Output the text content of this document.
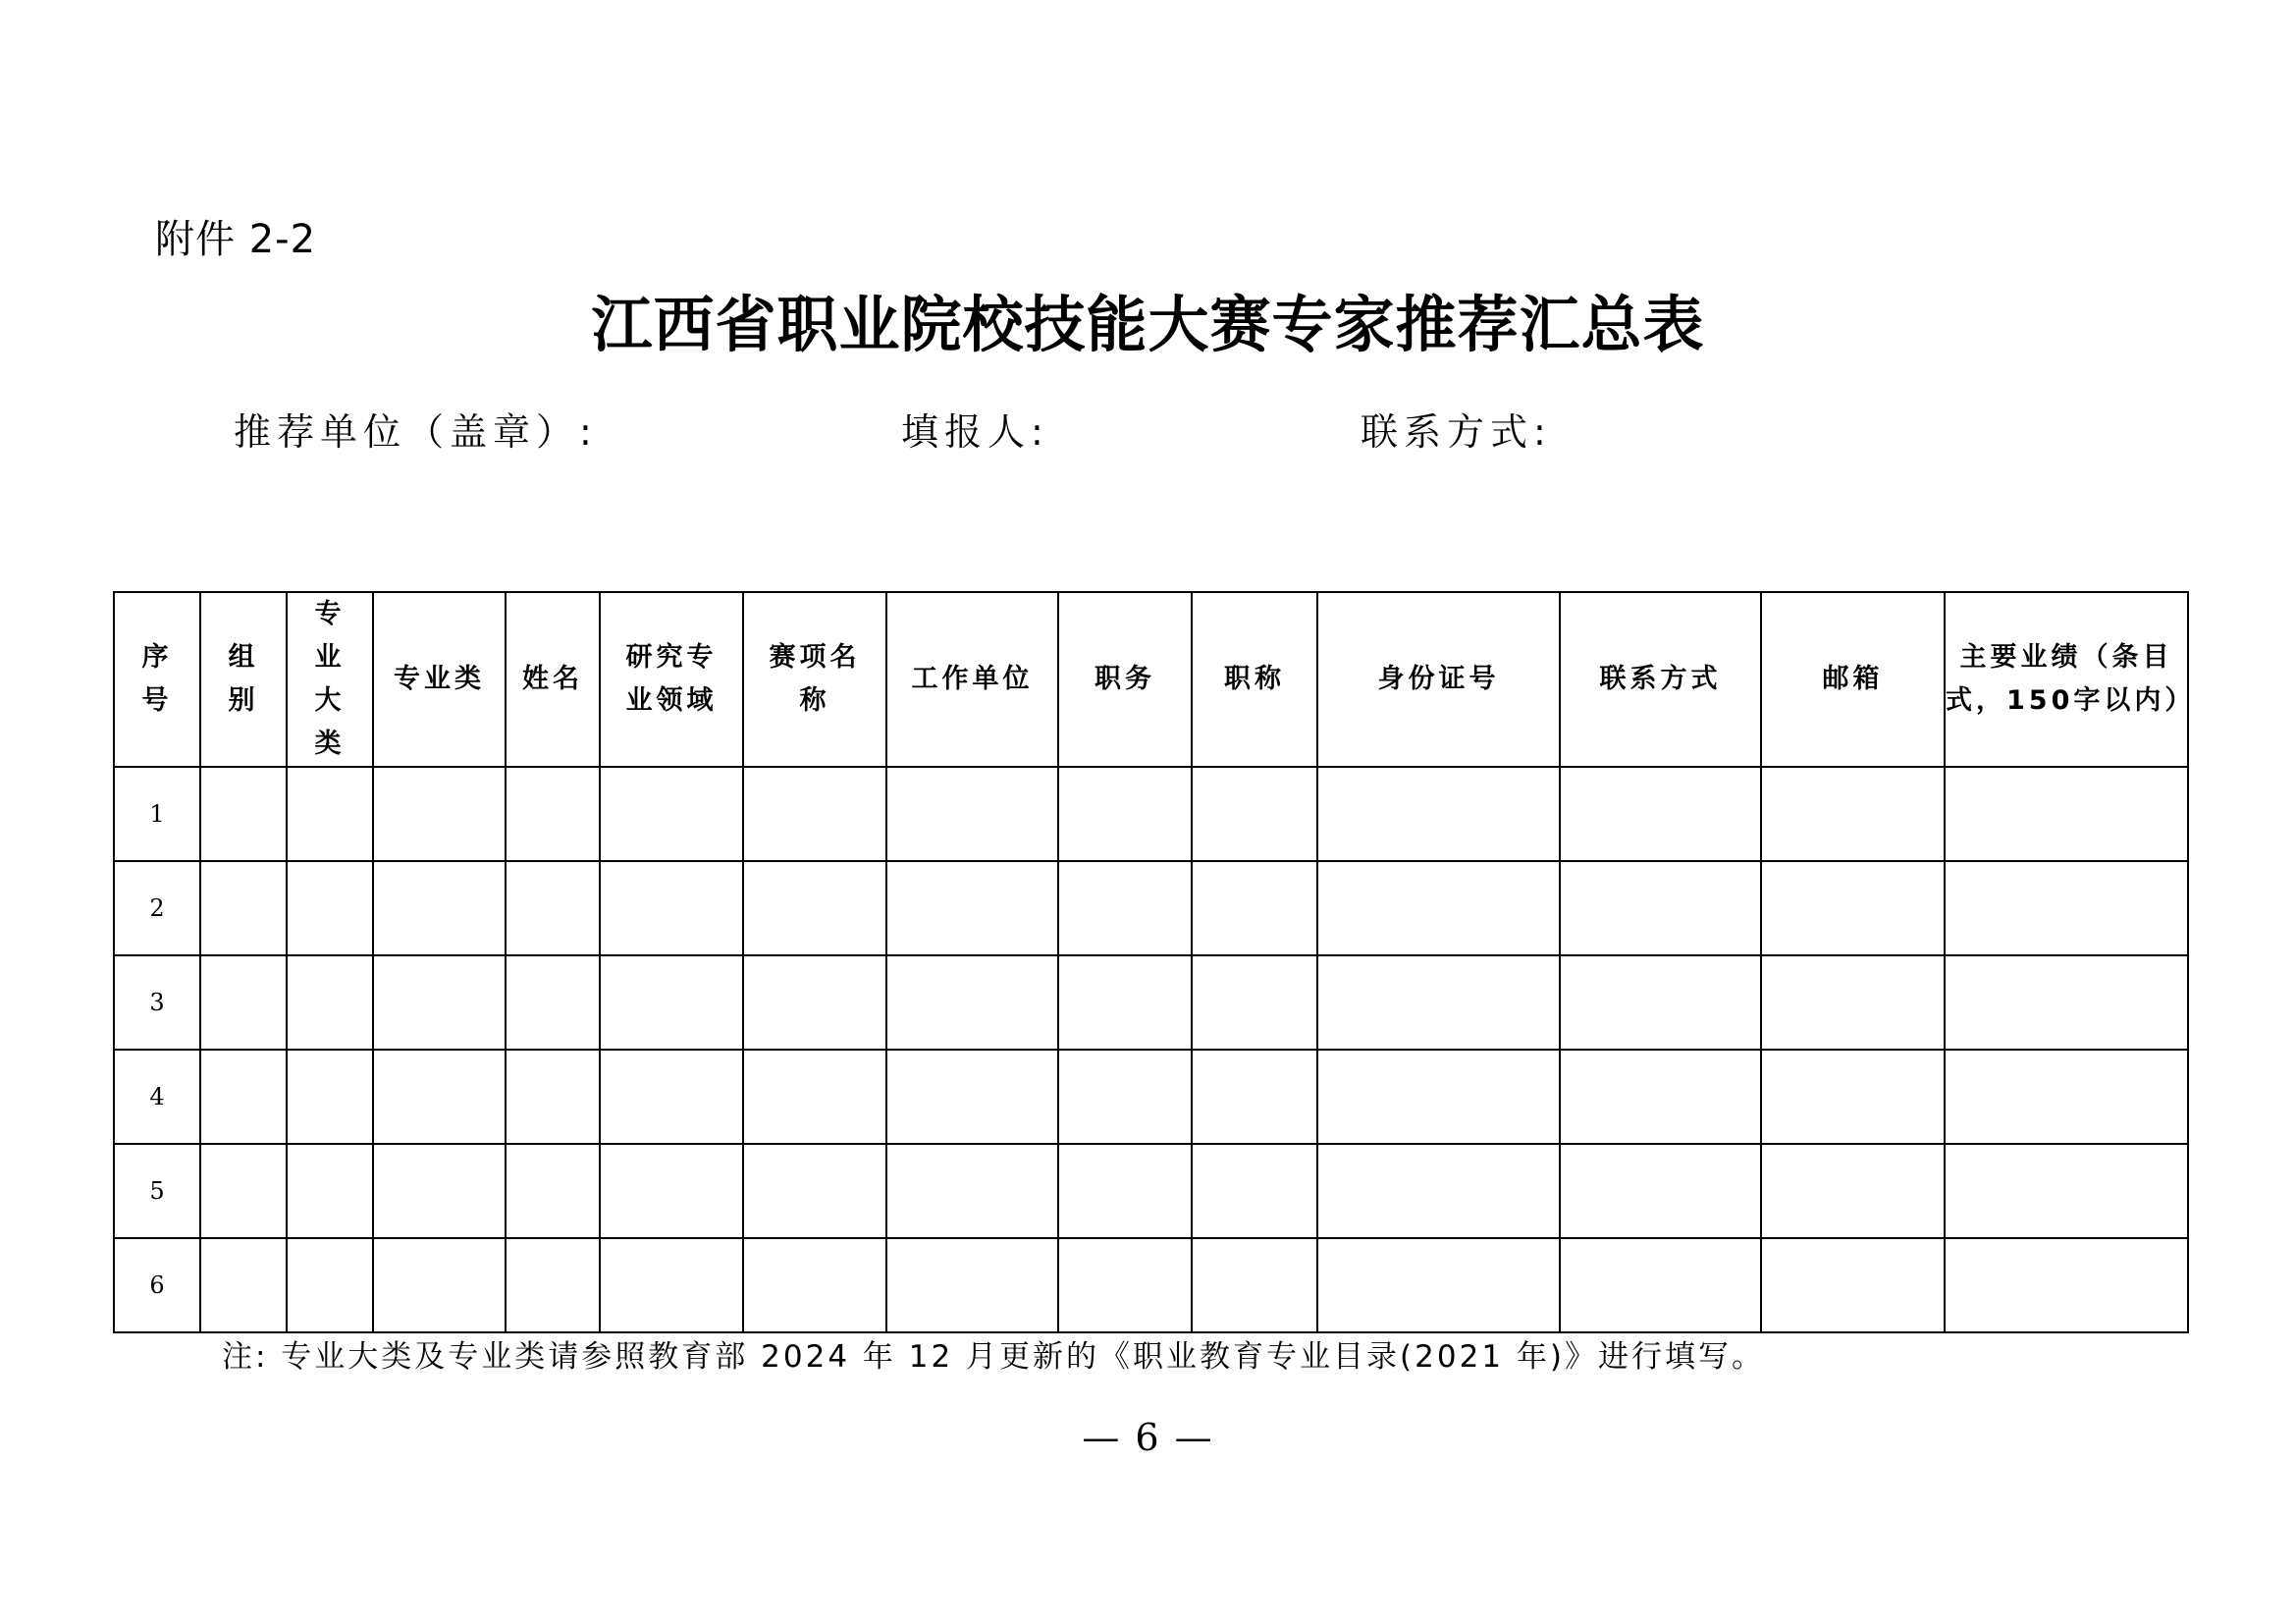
附件 2-2
江西省职业院校技能大赛专家推荐汇总表
推荐单位（盖章）:	填报人:	联系方式:
序
号	组
别	专
业
大
类	专业类	姓名	研究专
业领域	赛项名
称	工作单位	职务	职称	身份证号	联系方式	邮箱	主要业绩（条目
式，150字以内）

1													
2													
3													
4													
5													
6													
注: 专业大类及专业类请参照教育部 2024 年 12 月更新的《职业教育专业目录(2021 年)》进行填写。
— 6 —
